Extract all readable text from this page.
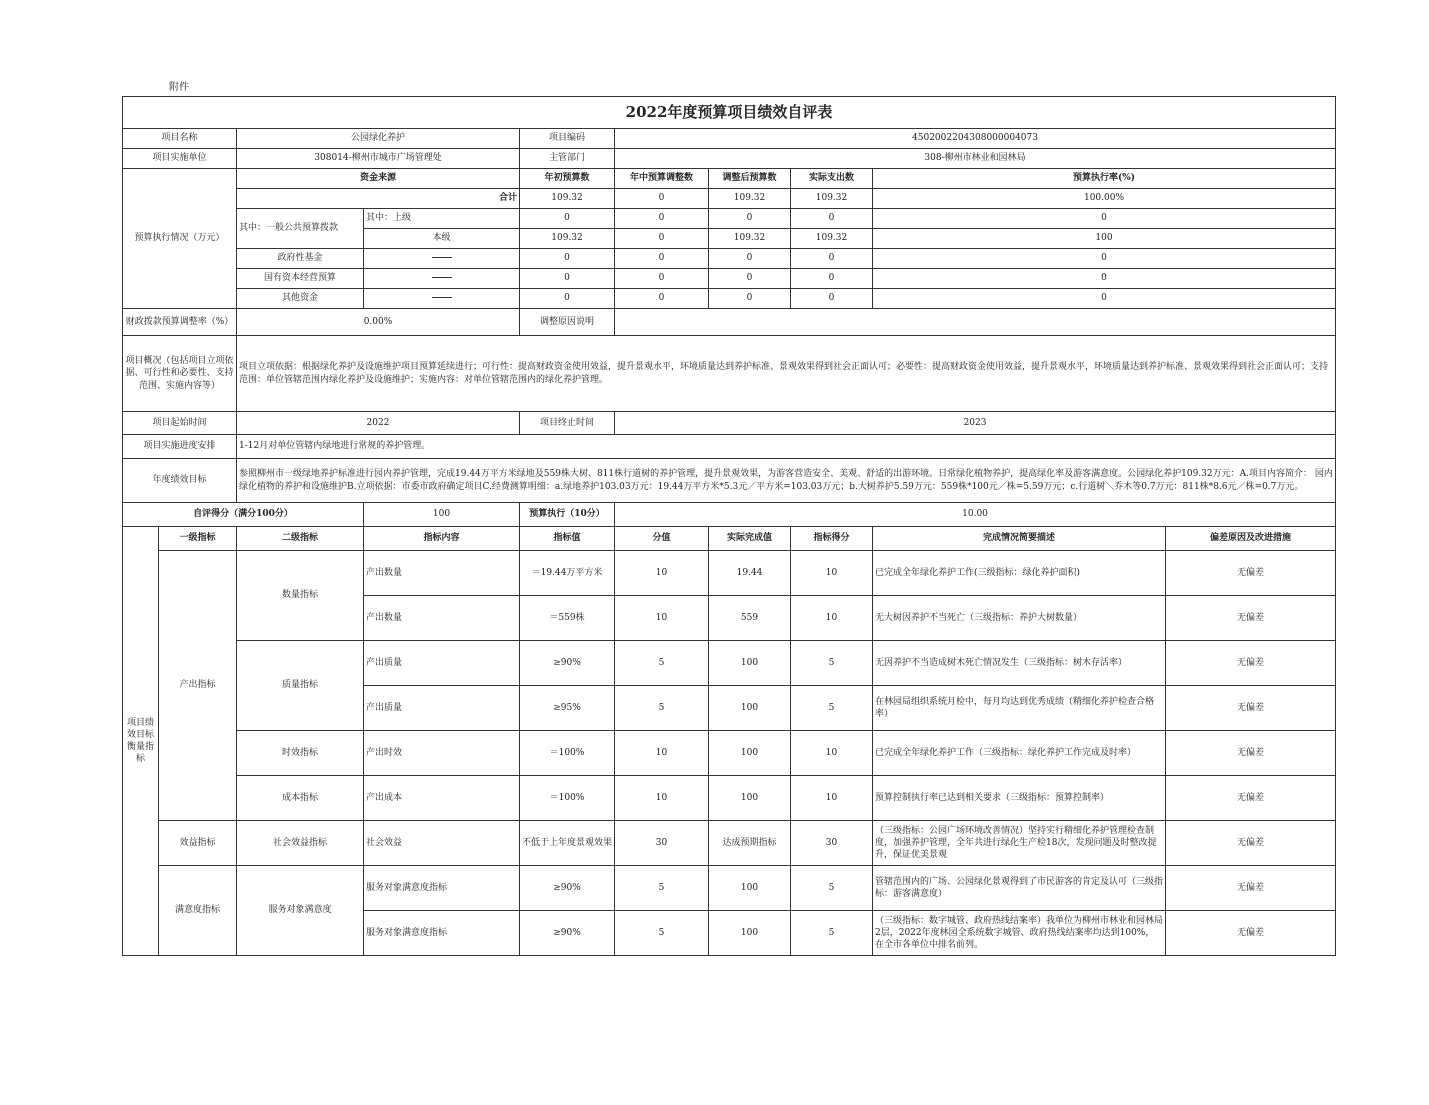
附件
2022年度预算项目绩效自评表									
项目名称		公园绿化养护		项目编码	4502002204308000004073				
项目实施单位		308014-柳州市城市广场管理处		主管部门	308-柳州市林业和园林局				
预算执行情况（万元）		资金来源		年初预算数	年中预算调整数	调整后预算数	实际支出数	预算执行率(%)	
		合计		109.32	0	109.32	109.32	100.00%	
		其中：一般公共预算拨款	其中：上级	0	0	0	0	0	
			本级	109.32	0	109.32	109.32	100	
		政府性基金		0	0	0	0	0	
		国有资本经营预算		0	0	0	0	0	
		其他资金		0	0	0	0	0	
财政拨款预算调整率（%）		0.00%		调整原因说明					
项目概况（包括项目立项依据、可行性和必要性、支持范围、实施内容等）		项目立项依据：根据绿化养护及设施维护项目预算延续进行；可行性：提高财政资金使用效益，提升景观水平，环境质量达到养护标准、景观效果得到社会正面认可；必要性：提高财政资金使用效益，提升景观水平，环境质量达到养护标准、景观效果得到社会正面认可；支持范围：单位管辖范围内绿化养护及设施维护；实施内容：对单位管辖范围内的绿化养护管理。							
项目起始时间		2022		项目终止时间	2023				
项目实施进度安排		1-12月对单位管辖内绿地进行常规的养护管理。							
年度绩效目标		参照柳州市一级绿地养护标准进行园内养护管理，完成19.44万平方米绿地及559株大树、811株行道树的养护管理，提升景观效果，为游客营造安全、美观、舒适的出游环境。日常绿化植物养护，提高绿化率及游客满意度。公园绿化养护109.32万元：A.项目内容简介： 园内绿化植物的养护和设施维护B.立项依据：市委市政府确定项目C.经费测算明细：a.绿地养护103.03万元：19.44万平方米*5.3元／平方米=103.03万元；b.大树养护5.59万元：559株*100元／株=5.59万元；c.行道树＼乔木等0.7万元：811株*8.6元／株=0.7万元。							
自评得分（满分100分）			100	预算执行（10分）	10.00				
项目绩效目标衡量指标	一级指标	二级指标	指标内容	指标值	分值	实际完成值	指标得分	完成情况简要描述	偏差原因及改进措施
	产出指标	数量指标	产出数量	＝19.44万平方米	10	19.44	10	已完成全年绿化养护工作(三级指标：绿化养护面积)	无偏差
			产出数量	＝559株	10	559	10	无大树因养护不当死亡（三级指标：养护大树数量）	无偏差
		质量指标	产出质量	≥90%	5	100	5	无因养护不当造成树木死亡情况发生（三级指标：树木存活率）	无偏差
			产出质量	≥95%	5	100	5	在林园局组织系统月检中，每月均达到优秀成绩（精细化养护检查合格率）	无偏差
		时效指标	产出时效	＝100%	10	100	10	已完成全年绿化养护工作（三级指标：绿化养护工作完成及时率）	无偏差
		成本指标	产出成本	＝100%	10	100	10	预算控制执行率已达到相关要求（三级指标：预算控制率）	无偏差
	效益指标	社会效益指标	社会效益	不低于上年度景观效果	30	达成预期指标	30	（三级指标：公园广场环境改善情况）坚持实行精细化养护管理检查制度，加强养护管理，全年共进行绿化生产检18次，发现问题及时整改提升，保证优美景观	无偏差
	满意度指标	服务对象满意度	服务对象满意度指标	≥90%	5	100	5	管辖范围内的广场、公园绿化景观得到了市民游客的肯定及认可（三级指标：游客满意度）	无偏差
			服务对象满意度指标	≥90%	5	100	5	（三级指标：数字城管、政府热线结案率）我单位为柳州市林业和园林局2层，2022年度林园全系统数字城管、政府热线结案率均达到100%，在全市各单位中排名前列。	无偏差
